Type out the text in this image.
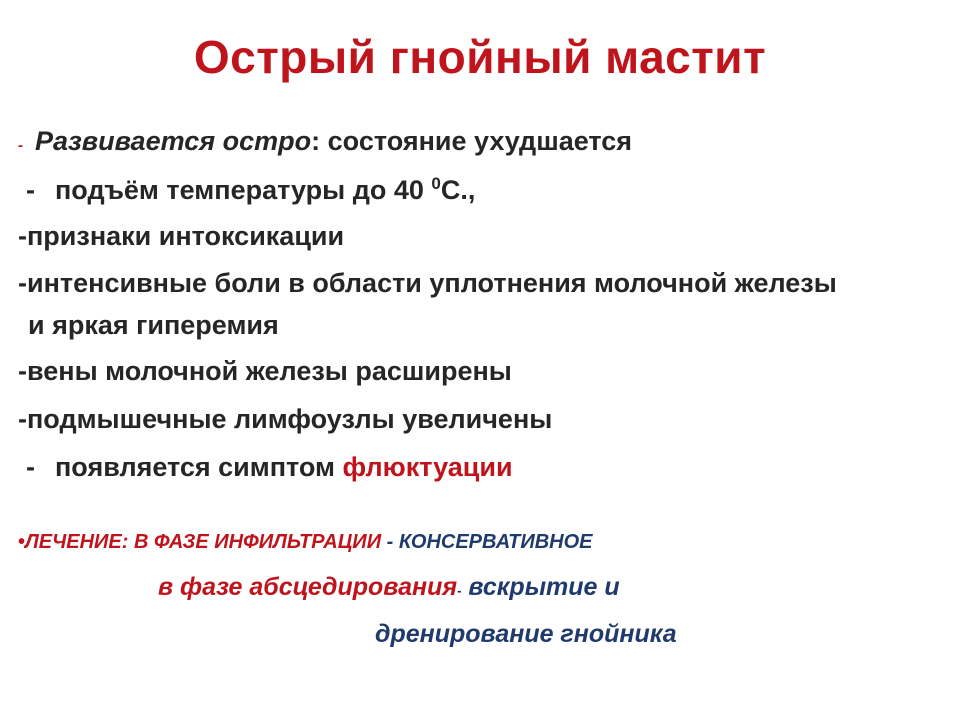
Острый гнойный мастит
- Развивается остро: состояние ухудшается
- подъём температуры до 40 $^0$С.,
-признаки интоксикации
-интенсивные боли в области уплотнения молочной железы
и яркая гиперемия
-вены молочной железы расширены
-подмышечные лимфоузлы увеличены
- появляется симптом флюктуации
•ЛЕЧЕНИЕ: В ФАЗЕ ИНФИЛЬТРАЦИИ - КОНСЕРВАТИВНОЕ
в фазе абсцедирования- вскрытие и
дренирование гнойника
